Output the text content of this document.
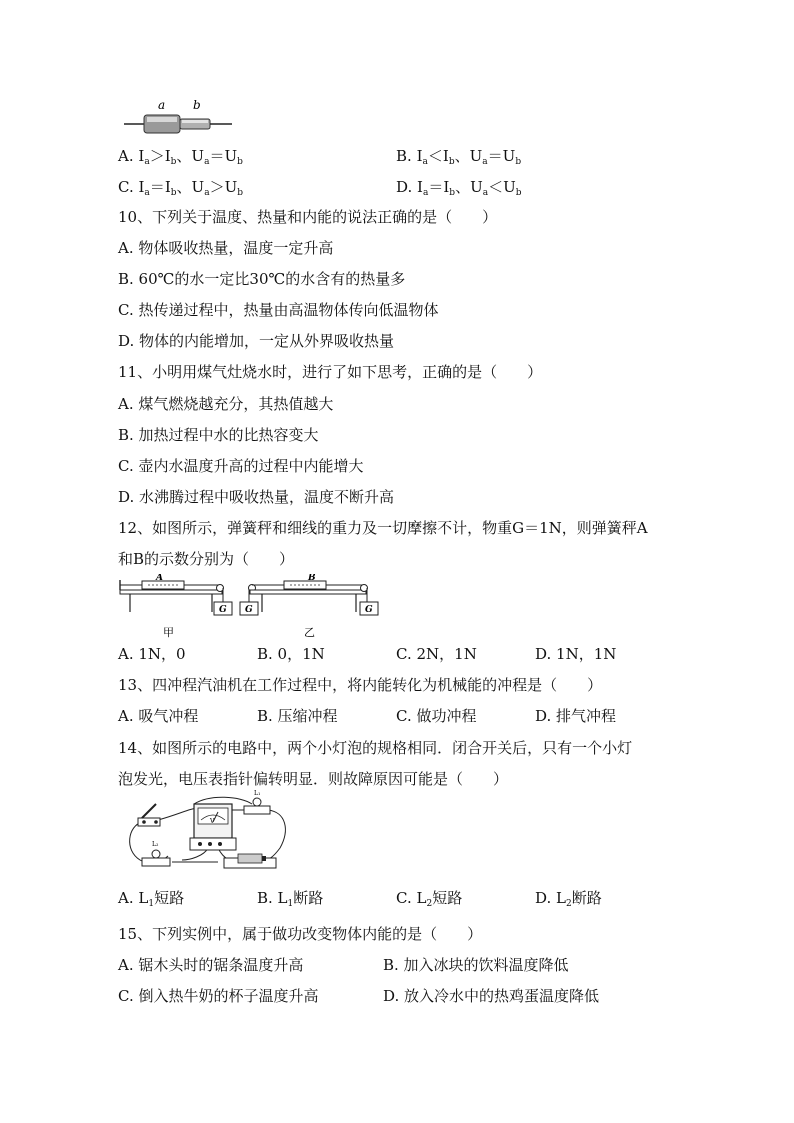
a b
A. $I_a>I_b$、$U_a=U_b$	B. $I_a<I_b$、$U_a=U_b$
C. $I_a=I_b$、$U_a>U_b$	D. $I_a=I_b$、$U_a<U_b$
10、下列关于温度、热量和内能的说法正确的是（　　）
A. 物体吸收热量，温度一定升高
B. 60℃的水一定比30℃的水含有的热量多
C. 热传递过程中，热量由高温物体传向低温物体
D. 物体的内能增加，一定从外界吸收热量
11、小明用煤气灶烧水时，进行了如下思考，正确的是（　　）
A. 煤气燃烧越充分，其热值越大
B. 加热过程中水的比热容变大
C. 壶内水温度升高的过程中内能增大
D. 水沸腾过程中吸收热量，温度不断升高
12、如图所示，弹簧秤和细线的重力及一切摩擦不计，物重G＝1N，则弹簧秤A
和B的示数分别为（　　）
A
G G
B
G
甲	乙
A. 1N，0	B. 0，1N	C. 2N，1N	D. 1N，1N
13、四冲程汽油机在工作过程中，将内能转化为机械能的冲程是（　　）
A. 吸气冲程	B. 压缩冲程	C. 做功冲程	D. 排气冲程
14、如图所示的电路中，两个小灯泡的规格相同．闭合开关后，只有一个小灯
泡发光，电压表指针偏转明显．则故障原因可能是（　　）
V
L₁
L₂
A. $L_1$短路	B. $L_1$断路	C. $L_2$短路	D. $L_2$断路
15、下列实例中，属于做功改变物体内能的是（　　）
A. 锯木头时的锯条温度升高	B. 加入冰块的饮料温度降低
C. 倒入热牛奶的杯子温度升高	D. 放入冷水中的热鸡蛋温度降低
